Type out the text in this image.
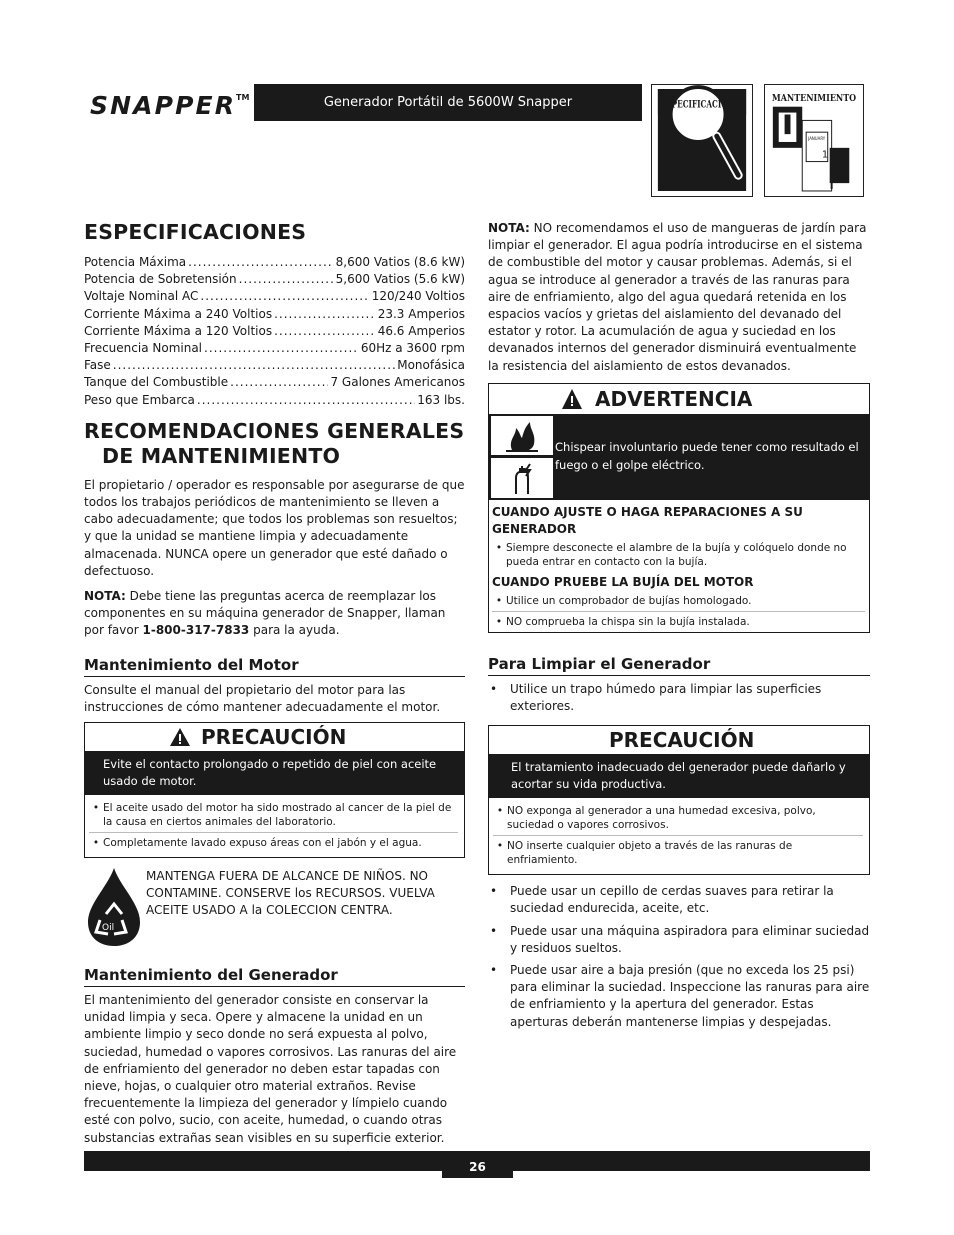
SNAPPER TM	Generador Portátil de 5600W Snapper	ESPECIFICACIONES	MANTENIMIENTO
JANUARY
1
ESPECIFICACIONES
Potencia Máxima .....	8,600 Vatios (8.6 kW)
Potencia de Sobretensión .....	5,600 Vatios (5.6 kW)
Voltaje Nominal AC .....	120/240 Voltios
Corriente Máxima a 240 Voltios .....	23.3 Amperios
Corriente Máxima a 120 Voltios .....	46.6 Amperios
Frecuencia Nominal .....	60Hz a 3600 rpm
Fase .....	Monofásica
Tanque del Combustible .....	7 Galones Americanos
Peso que Embarca .....	163 lbs.
RECOMENDACIONES GENERALES
DE MANTENIMIENTO

El propietario / operador es responsable por asegurarse de que todos los trabajos periódicos de mantenimiento se lleven a cabo adecuadamente; que todos los problemas son resueltos; y que la unidad se mantiene limpia y adecuadamente almacenada. NUNCA opere un generador que esté dañado o defectuoso.

NOTA: Debe tiene las preguntas acerca de reemplazar los componentes en su máquina generador de Snapper, llaman por favor 1-800-317-7833 para la ayuda.

Mantenimiento del Motor

Consulte el manual del propietario del motor para las instrucciones de cómo mantener adecuadamente el motor.

PRECAUCIÓN
Evite el contacto prolongado o repetido de piel con aceite usado de motor.
• El aceite usado del motor ha sido mostrado al cancer de la piel de la causa en ciertos animales del laboratorio.
• Completamente lavado expuso áreas con el jabón y el agua.
Oil
MANTENGA FUERA DE ALCANCE DE NIÑOS. NO CONTAMINE. CONSERVE los RECURSOS. VUELVA ACEITE USADO A la COLECCION CENTRA.
Mantenimiento del Generador

El mantenimiento del generador consiste en conservar la unidad limpia y seca. Opere y almacene la unidad en un ambiente limpio y seco donde no será expuesta al polvo, suciedad, humedad o vapores corrosivos. Las ranuras del aire de enfriamiento del generador no deben estar tapadas con nieve, hojas, o cualquier otro material extraños. Revise frecuentemente la limpieza del generador y límpielo cuando esté con polvo, sucio, con aceite, humedad, o cuando otras substancias extrañas sean visibles en su superficie exterior.

NOTA: NO recomendamos el uso de mangueras de jardín para limpiar el generador. El agua podría introducirse en el sistema de combustible del motor y causar problemas. Además, si el agua se introduce al generador a través de las ranuras para aire de enfriamiento, algo del agua quedará retenida en los espacios vacíos y grietas del aislamiento del devanado del estator y rotor. La acumulación de agua y suciedad en los devanados internos del generador disminuirá eventualmente la resistencia del aislamiento de estos devanados.

ADVERTENCIA
Chispear involuntario puede tener como resultado el fuego o el golpe eléctrico.
CUANDO AJUSTE O HAGA REPARACIONES A SU GENERADOR
• Siempre desconecte el alambre de la bujía y colóquelo donde no pueda entrar en contacto con la bujía.
CUANDO PRUEBE LA BUJÍA DEL MOTOR
• Utilice un comprobador de bujías homologado.
• NO comprueba la chispa sin la bujía instalada.
Para Limpiar el Generador
•	Utilice un trapo húmedo para limpiar las superficies exteriores.
PRECAUCIÓN
El tratamiento inadecuado del generador puede dañarlo y acortar su vida productiva.
• NO exponga al generador a una humedad excesiva, polvo, suciedad o vapores corrosivos.
• NO inserte cualquier objeto a través de las ranuras de enfriamiento.
•	Puede usar un cepillo de cerdas suaves para retirar la suciedad endurecida, aceite, etc.
•	Puede usar una máquina aspiradora para eliminar suciedad y residuos sueltos.
•	Puede usar aire a baja presión (que no exceda los 25 psi) para eliminar la suciedad. Inspeccione las ranuras para aire de enfriamiento y la apertura del generador. Estas aperturas deberán mantenerse limpias y despejadas.
26
